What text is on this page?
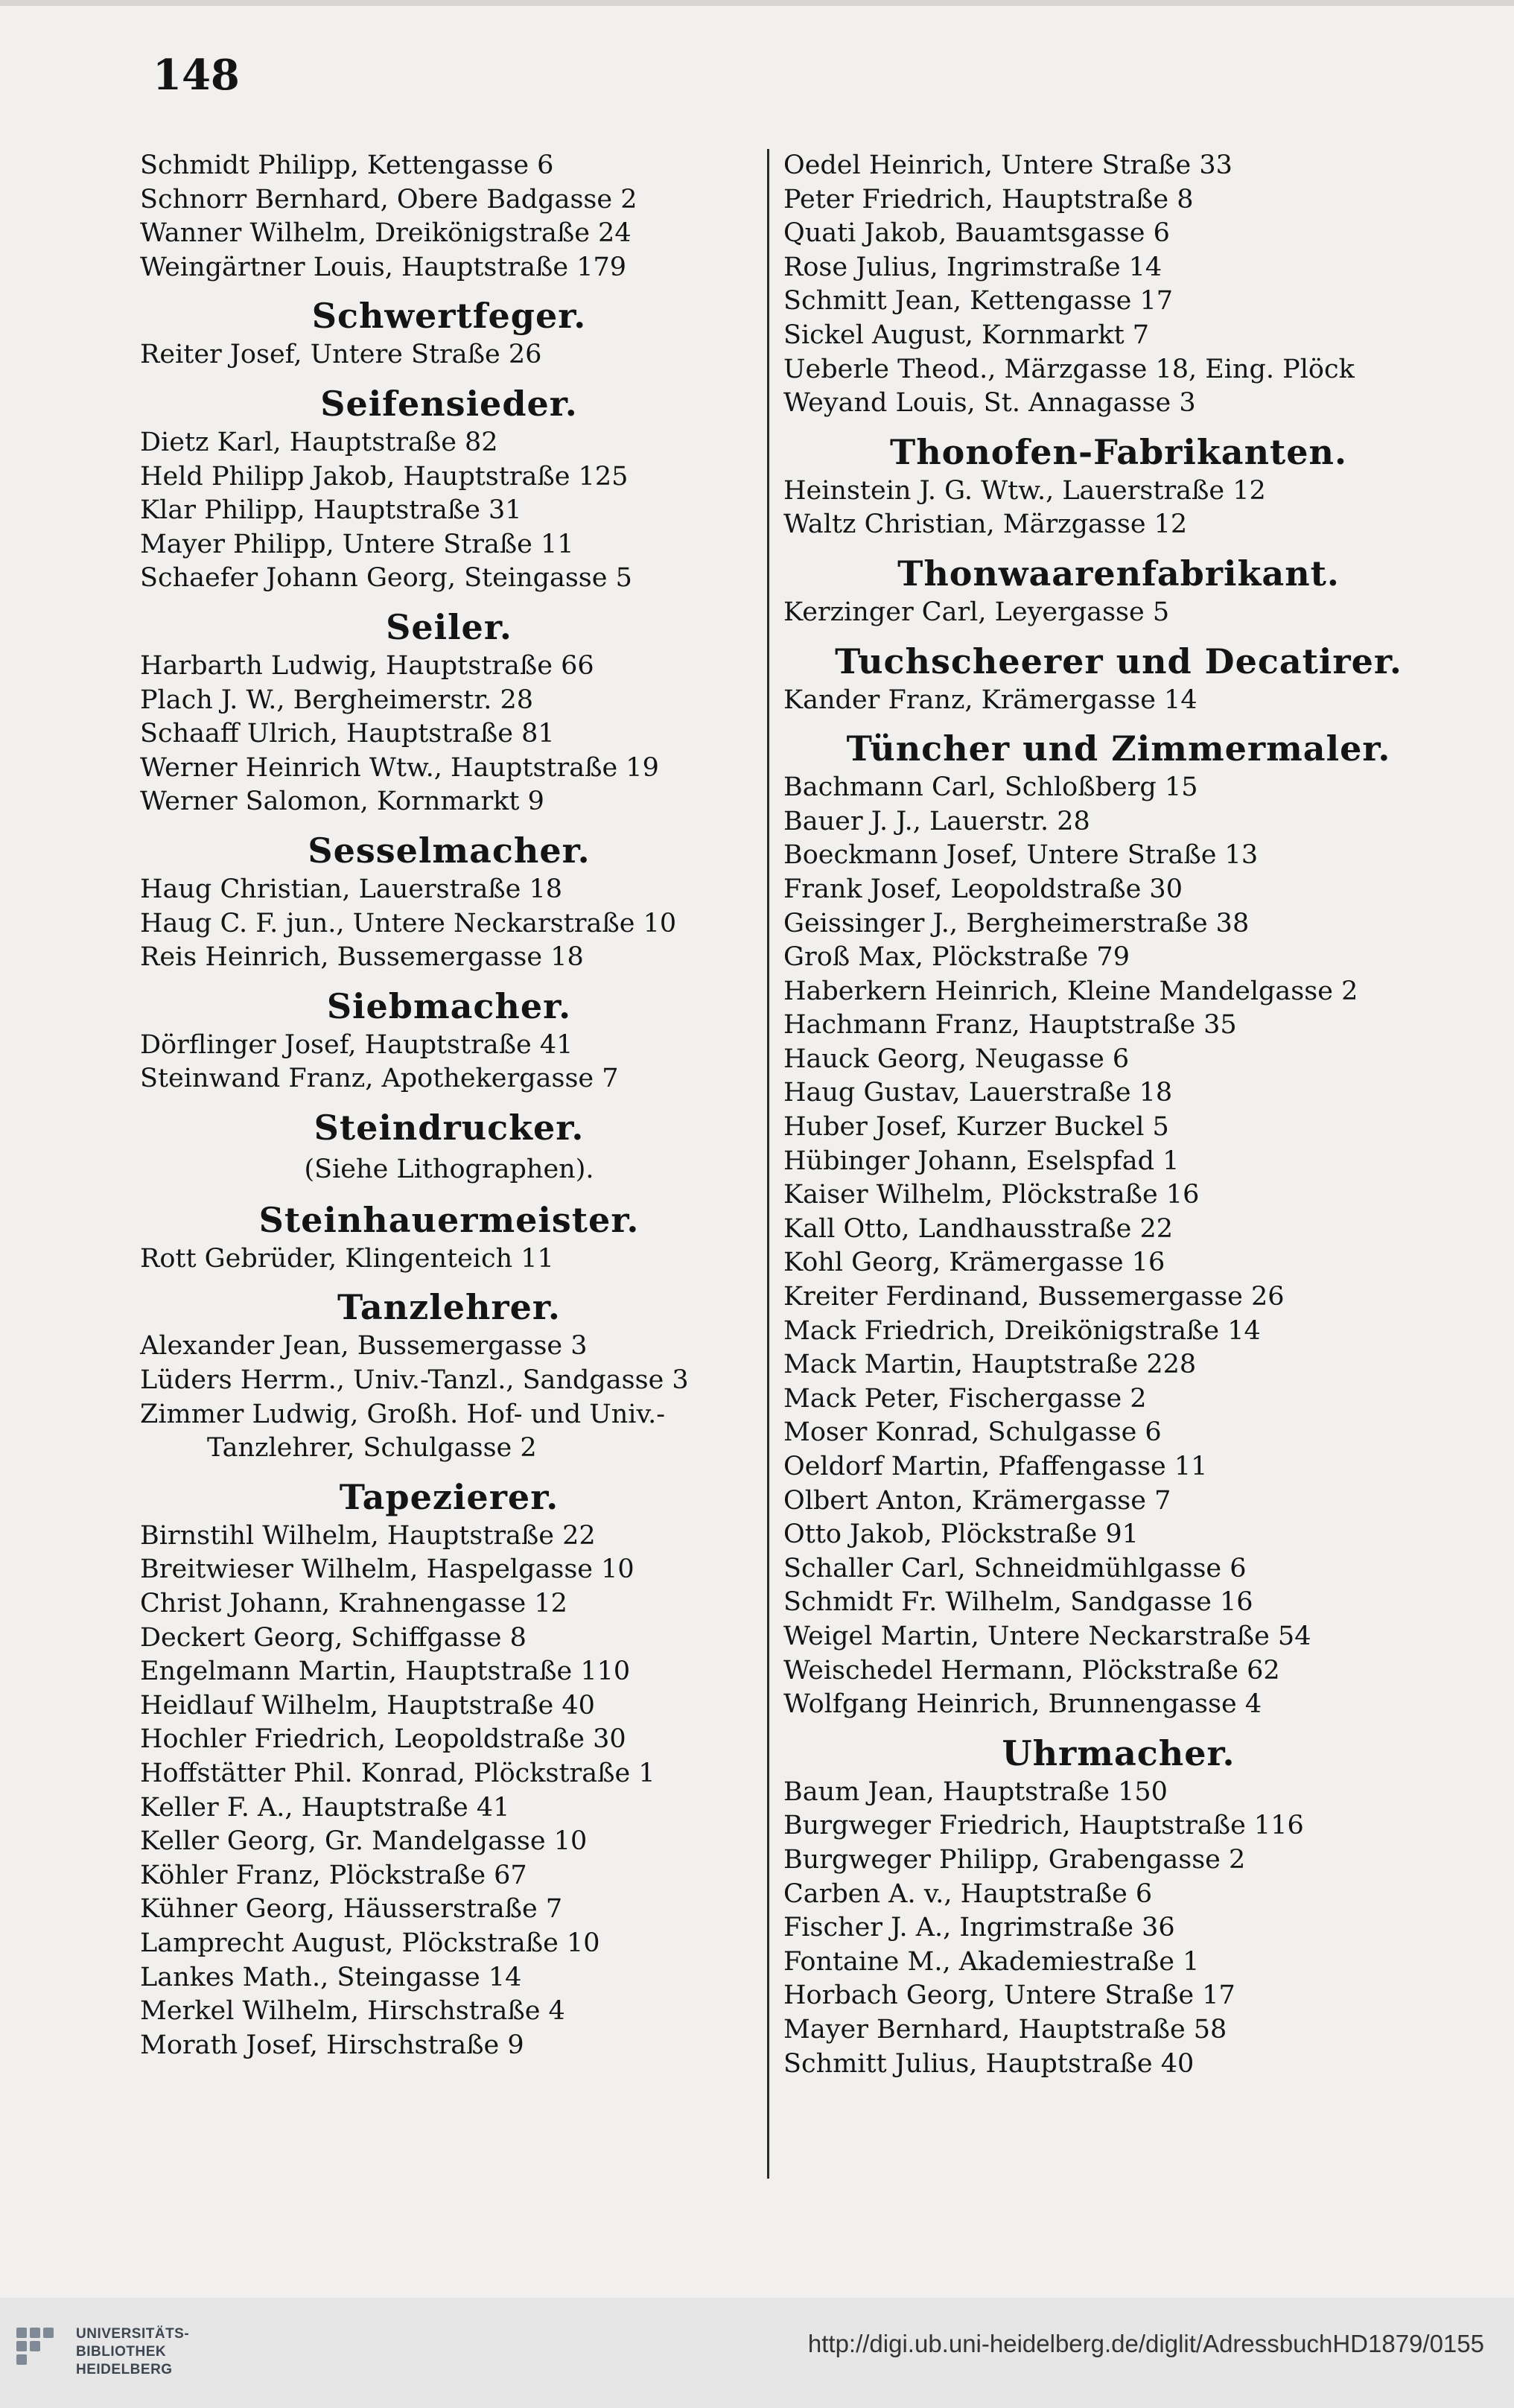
148
Schmidt Philipp, Kettengasse 6
Schnorr Bernhard, Obere Badgasse 2
Wanner Wilhelm, Dreikönigstraße 24
Weingärtner Louis, Hauptstraße 179
Schwertfeger.
Reiter Josef, Untere Straße 26
Seifensieder.
Dietz Karl, Hauptstraße 82
Held Philipp Jakob, Hauptstraße 125
Klar Philipp, Hauptstraße 31
Mayer Philipp, Untere Straße 11
Schaefer Johann Georg, Steingasse 5
Seiler.
Harbarth Ludwig, Hauptstraße 66
Plach J. W., Bergheimerstr. 28
Schaaff Ulrich, Hauptstraße 81
Werner Heinrich Wtw., Hauptstraße 19
Werner Salomon, Kornmarkt 9
Sesselmacher.
Haug Christian, Lauerstraße 18
Haug C. F. jun., Untere Neckarstraße 10
Reis Heinrich, Bussemergasse 18
Siebmacher.
Dörflinger Josef, Hauptstraße 41
Steinwand Franz, Apothekergasse 7
Steindrucker.
(Siehe Lithographen).
Steinhauermeister.
Rott Gebrüder, Klingenteich 11
Tanzlehrer.
Alexander Jean, Bussemergasse 3
Lüders Herrm., Univ.-Tanzl., Sandgasse 3
Zimmer Ludwig, Großh. Hof- und Univ.-
Tanzlehrer, Schulgasse 2
Tapezierer.
Birnstihl Wilhelm, Hauptstraße 22
Breitwieser Wilhelm, Haspelgasse 10
Christ Johann, Krahnengasse 12
Deckert Georg, Schiffgasse 8
Engelmann Martin, Hauptstraße 110
Heidlauf Wilhelm, Hauptstraße 40
Hochler Friedrich, Leopoldstraße 30
Hoffstätter Phil. Konrad, Plöckstraße 1
Keller F. A., Hauptstraße 41
Keller Georg, Gr. Mandelgasse 10
Köhler Franz, Plöckstraße 67
Kühner Georg, Häusserstraße 7
Lamprecht August, Plöckstraße 10
Lankes Math., Steingasse 14
Merkel Wilhelm, Hirschstraße 4
Morath Josef, Hirschstraße 9
Oedel Heinrich, Untere Straße 33
Peter Friedrich, Hauptstraße 8
Quati Jakob, Bauamtsgasse 6
Rose Julius, Ingrimstraße 14
Schmitt Jean, Kettengasse 17
Sickel August, Kornmarkt 7
Ueberle Theod., Märzgasse 18, Eing. Plöck
Weyand Louis, St. Annagasse 3
Thonofen-Fabrikanten.
Heinstein J. G. Wtw., Lauerstraße 12
Waltz Christian, Märzgasse 12
Thonwaarenfabrikant.
Kerzinger Carl, Leyergasse 5
Tuchscheerer und Decatirer.
Kander Franz, Krämergasse 14
Tüncher und Zimmermaler.
Bachmann Carl, Schloßberg 15
Bauer J. J., Lauerstr. 28
Boeckmann Josef, Untere Straße 13
Frank Josef, Leopoldstraße 30
Geissinger J., Bergheimerstraße 38
Groß Max, Plöckstraße 79
Haberkern Heinrich, Kleine Mandelgasse 2
Hachmann Franz, Hauptstraße 35
Hauck Georg, Neugasse 6
Haug Gustav, Lauerstraße 18
Huber Josef, Kurzer Buckel 5
Hübinger Johann, Eselspfad 1
Kaiser Wilhelm, Plöckstraße 16
Kall Otto, Landhausstraße 22
Kohl Georg, Krämergasse 16
Kreiter Ferdinand, Bussemergasse 26
Mack Friedrich, Dreikönigstraße 14
Mack Martin, Hauptstraße 228
Mack Peter, Fischergasse 2
Moser Konrad, Schulgasse 6
Oeldorf Martin, Pfaffengasse 11
Olbert Anton, Krämergasse 7
Otto Jakob, Plöckstraße 91
Schaller Carl, Schneidmühlgasse 6
Schmidt Fr. Wilhelm, Sandgasse 16
Weigel Martin, Untere Neckarstraße 54
Weischedel Hermann, Plöckstraße 62
Wolfgang Heinrich, Brunnengasse 4
Uhrmacher.
Baum Jean, Hauptstraße 150
Burgweger Friedrich, Hauptstraße 116
Burgweger Philipp, Grabengasse 2
Carben A. v., Hauptstraße 6
Fischer J. A., Ingrimstraße 36
Fontaine M., Akademiestraße 1
Horbach Georg, Untere Straße 17
Mayer Bernhard, Hauptstraße 58
Schmitt Julius, Hauptstraße 40
UNIVERSITÄTS-
BIBLIOTHEK
HEIDELBERG
http://digi.ub.uni-heidelberg.de/diglit/AdressbuchHD1879/0155
